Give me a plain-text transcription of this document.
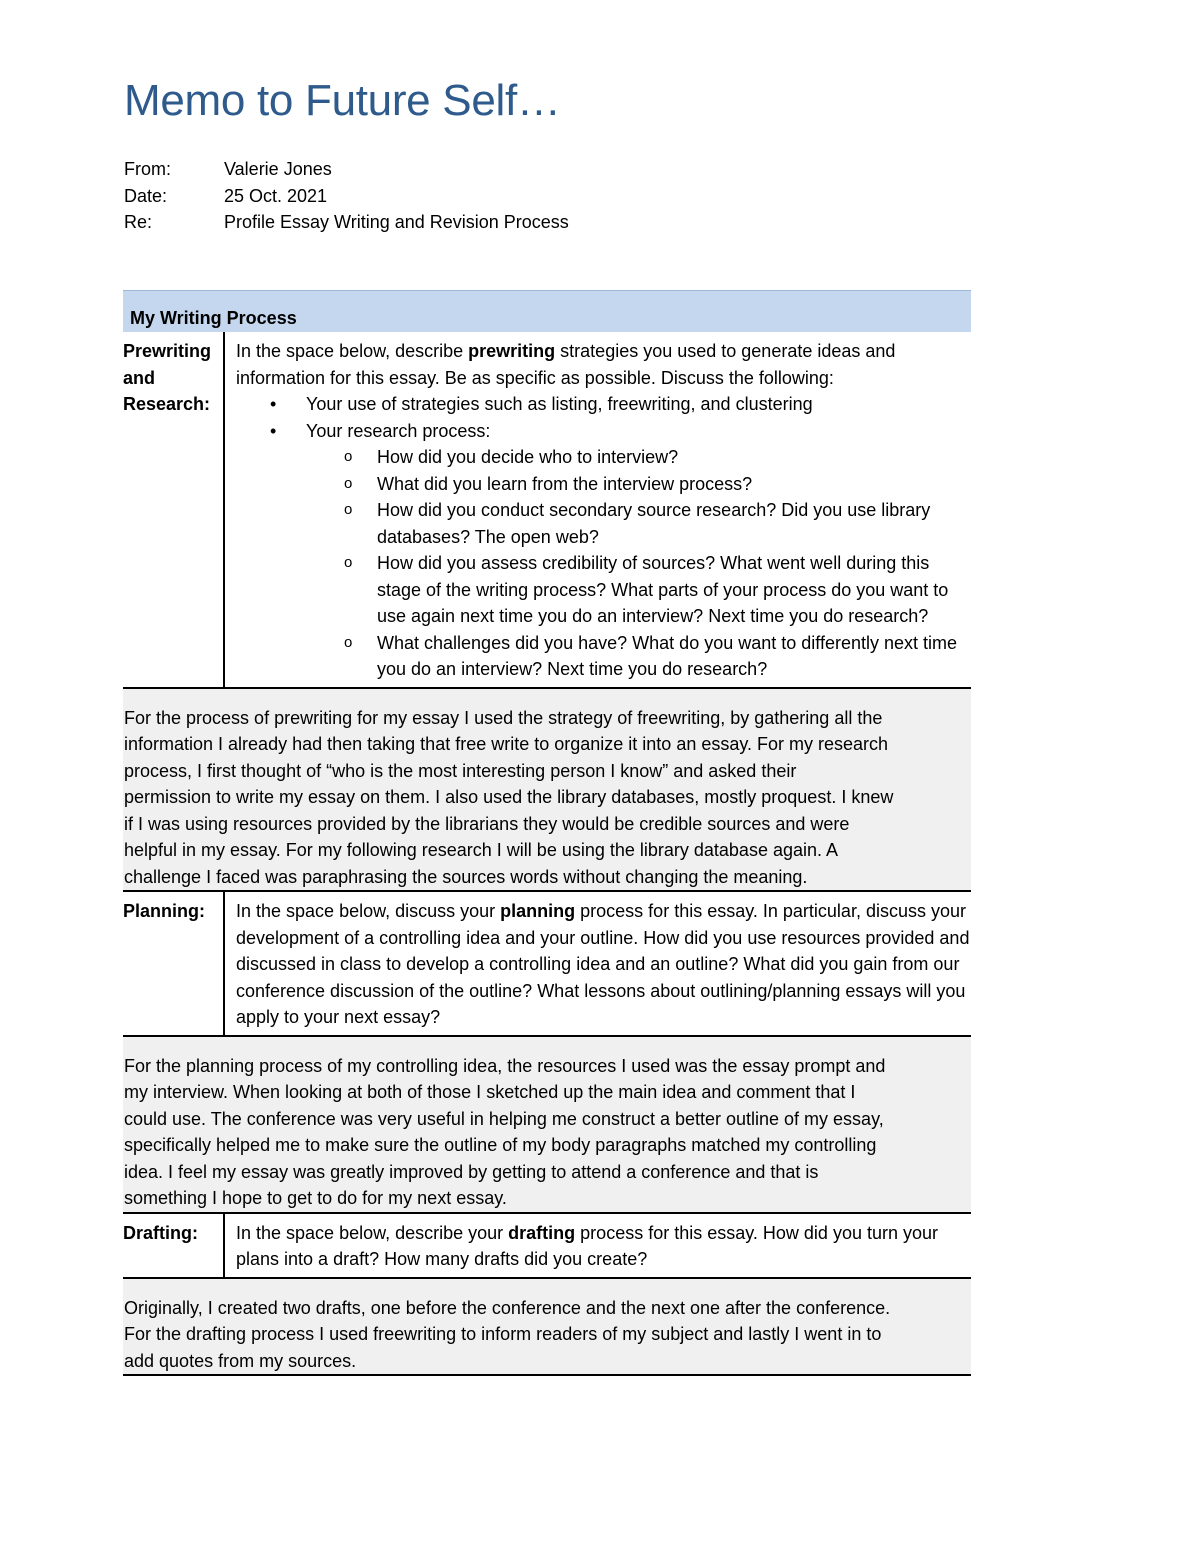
Memo to Future Self…
From:	Valerie Jones
Date:	25 Oct. 2021
Re:	Profile Essay Writing and Revision Process
My Writing Process
Prewriting and Research:
In the space below, describe prewriting strategies you used to generate ideas and information for this essay. Be as specific as possible. Discuss the following:
• Your use of strategies such as listing, freewriting, and clustering
• Your research process:
o How did you decide who to interview?
o What did you learn from the interview process?
o How did you conduct secondary source research? Did you use library databases? The open web?
o How did you assess credibility of sources? What went well during this stage of the writing process? What parts of your process do you want to use again next time you do an interview? Next time you do research?
o What challenges did you have? What do you want to differently next time you do an interview? Next time you do research?
For the process of prewriting for my essay I used the strategy of freewriting, by gathering all the
information I already had then taking that free write to organize it into an essay. For my research
process, I first thought of “who is the most interesting person I know” and asked their
permission to write my essay on them. I also used the library databases, mostly proquest. I knew
if I was using resources provided by the librarians they would be credible sources and were
helpful in my essay. For my following research I will be using the library database again. A
challenge I faced was paraphrasing the sources words without changing the meaning.
Planning:	In the space below, discuss your planning process for this essay. In particular, discuss your development of a controlling idea and your outline. How did you use resources provided and discussed in class to develop a controlling idea and an outline? What did you gain from our conference discussion of the outline? What lessons about outlining/planning essays will you apply to your next essay?
For the planning process of my controlling idea, the resources I used was the essay prompt and
my interview. When looking at both of those I sketched up the main idea and comment that I
could use. The conference was very useful in helping me construct a better outline of my essay,
specifically helped me to make sure the outline of my body paragraphs matched my controlling
idea. I feel my essay was greatly improved by getting to attend a conference and that is
something I hope to get to do for my next essay.
Drafting:	In the space below, describe your drafting process for this essay. How did you turn your plans into a draft? How many drafts did you create?
Originally, I created two drafts, one before the conference and the next one after the conference.
For the drafting process I used freewriting to inform readers of my subject and lastly I went in to
add quotes from my sources.
